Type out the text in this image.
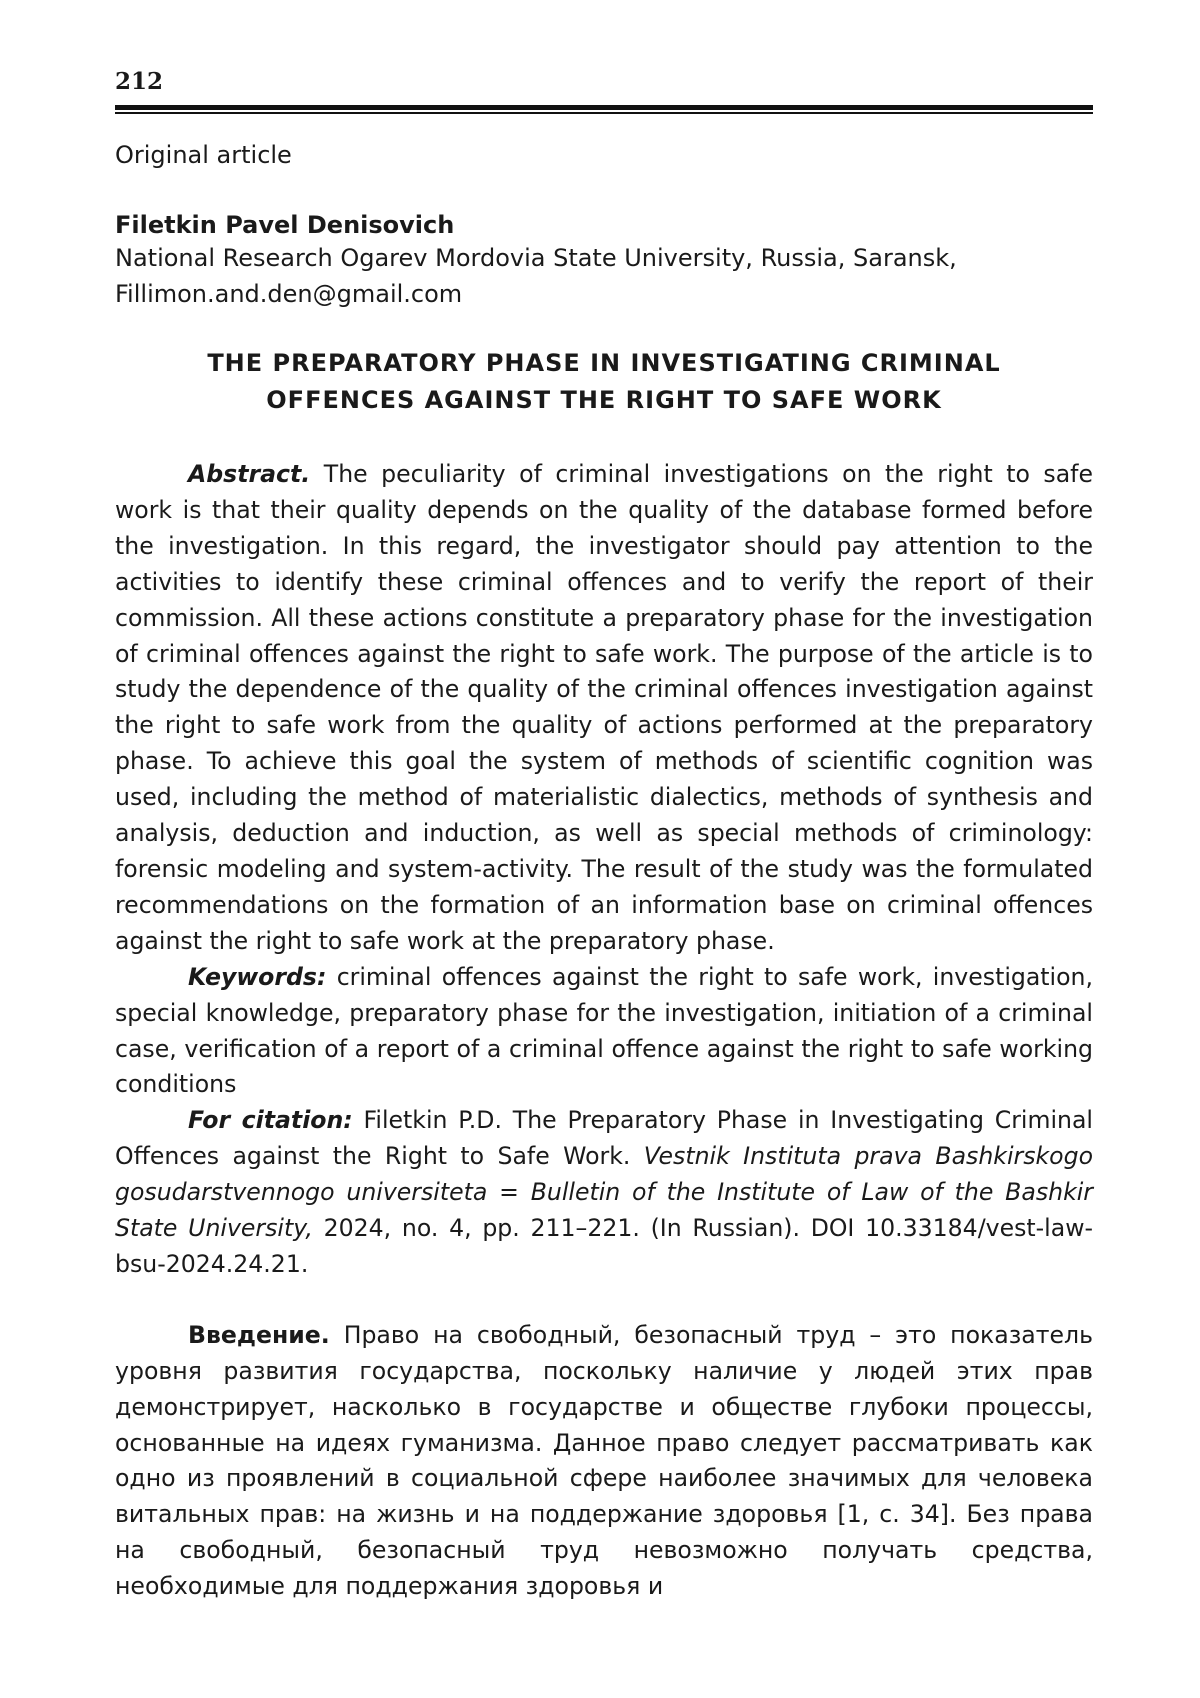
212
Original article
Filetkin Pavel Denisovich
National Research Ogarev Mordovia State University, Russia, Saransk,
Fillimon.and.den@gmail.com
THE PREPARATORY PHASE IN INVESTIGATING CRIMINAL
OFFENCES AGAINST THE RIGHT TO SAFE WORK

Abstract. The peculiarity of criminal investigations on the right to safe work is that their quality depends on the quality of the database formed before the investigation. In this regard, the investigator should pay attention to the activities to identify these criminal offences and to verify the report of their commission. All these actions constitute a preparatory phase for the investigation of criminal offences against the right to safe work. The purpose of the article is to study the dependence of the quality of the criminal offences investigation against the right to safe work from the quality of actions performed at the preparatory phase. To achieve this goal the system of methods of scientific cognition was used, including the method of materialistic dialectics, methods of synthesis and analysis, deduction and induction, as well as special methods of criminology: forensic modeling and system-activity. The result of the study was the formulated recommendations on the formation of an information base on criminal offences against the right to safe work at the preparatory phase.

Keywords: criminal offences against the right to safe work, investigation, special knowledge, preparatory phase for the investigation, initiation of a criminal case, verification of a report of a criminal offence against the right to safe working conditions

For citation: Filetkin P.D. The Preparatory Phase in Investigating Criminal Offences against the Right to Safe Work. Vestnik Instituta prava Bashkirskogo gosudarstvennogo universiteta = Bulletin of the Institute of Law of the Bashkir State University, 2024, no. 4, pp. 211–221. (In Russian). DOI 10.33184/vest-law-bsu-2024.24.21.

Введение. Право на свободный, безопасный труд – это показатель уровня развития государства, поскольку наличие у людей этих прав демонстрирует, насколько в государстве и обществе глубоки процессы, основанные на идеях гуманизма. Данное право следует рассматривать как одно из проявлений в социальной сфере наиболее значимых для человека витальных прав: на жизнь и на поддержание здоровья [1, с. 34]. Без права на свободный, безопасный труд невозможно получать средства, необходимые для поддержания здоровья и
